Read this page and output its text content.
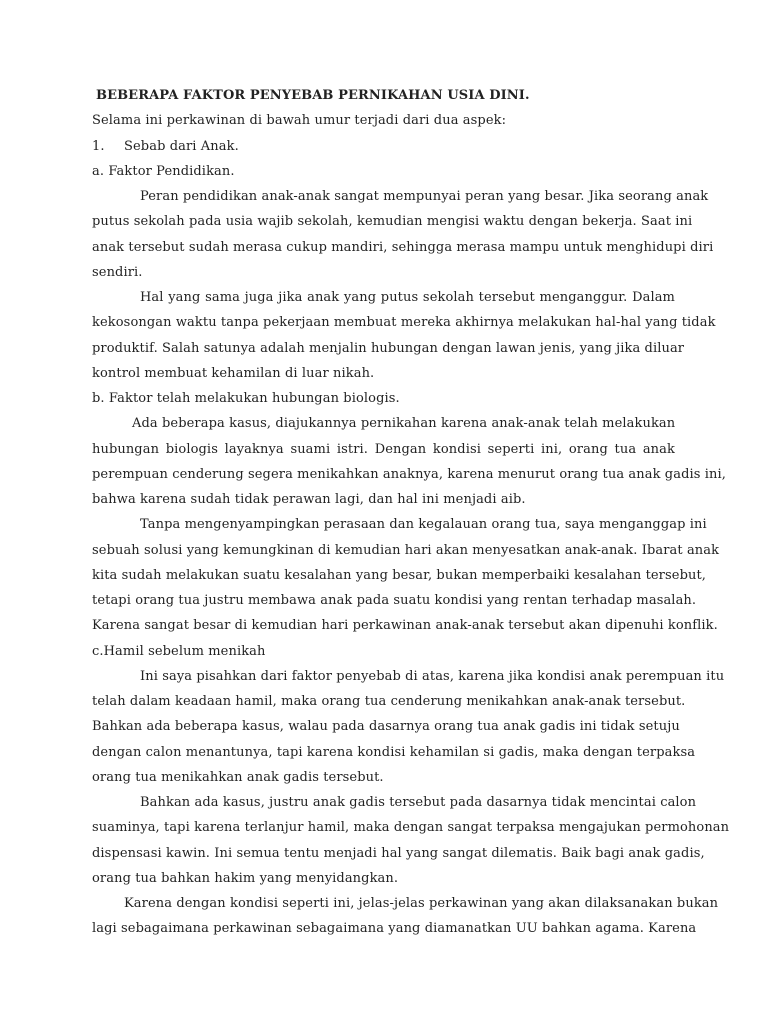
BEBERAPA FAKTOR PENYEBAB PERNIKAHAN USIA DINI.
Selama ini perkawinan di bawah umur terjadi dari dua aspek:
1. Sebab dari Anak.
a. Faktor Pendidikan.
Peran pendidikan anak-anak sangat mempunyai peran yang besar. Jika seorang anak
putus sekolah pada usia wajib sekolah, kemudian mengisi waktu dengan bekerja. Saat ini
anak tersebut sudah merasa cukup mandiri, sehingga merasa mampu untuk menghidupi diri
sendiri.
Hal yang sama juga jika anak yang putus sekolah tersebut menganggur. Dalam
kekosongan waktu tanpa pekerjaan membuat mereka akhirnya melakukan hal-hal yang tidak
produktif. Salah satunya adalah menjalin hubungan dengan lawan jenis, yang jika diluar
kontrol membuat kehamilan di luar nikah.
b. Faktor telah melakukan hubungan biologis.
Ada beberapa kasus, diajukannya pernikahan karena anak-anak telah melakukan
hubungan biologis layaknya suami istri. Dengan kondisi seperti ini, orang tua anak
perempuan cenderung segera menikahkan anaknya, karena menurut orang tua anak gadis ini,
bahwa karena sudah tidak perawan lagi, dan hal ini menjadi aib.
Tanpa mengenyampingkan perasaan dan kegalauan orang tua, saya menganggap ini
sebuah solusi yang kemungkinan di kemudian hari akan menyesatkan anak-anak. Ibarat anak
kita sudah melakukan suatu kesalahan yang besar, bukan memperbaiki kesalahan tersebut,
tetapi orang tua justru membawa anak pada suatu kondisi yang rentan terhadap masalah.
Karena sangat besar di kemudian hari perkawinan anak-anak tersebut akan dipenuhi konflik.
c.Hamil sebelum menikah
Ini saya pisahkan dari faktor penyebab di atas, karena jika kondisi anak perempuan itu
telah dalam keadaan hamil, maka orang tua cenderung menikahkan anak-anak tersebut.
Bahkan ada beberapa kasus, walau pada dasarnya orang tua anak gadis ini tidak setuju
dengan calon menantunya, tapi karena kondisi kehamilan si gadis, maka dengan terpaksa
orang tua menikahkan anak gadis tersebut.
Bahkan ada kasus, justru anak gadis tersebut pada dasarnya tidak mencintai calon
suaminya, tapi karena terlanjur hamil, maka dengan sangat terpaksa mengajukan permohonan
dispensasi kawin. Ini semua tentu menjadi hal yang sangat dilematis. Baik bagi anak gadis,
orang tua bahkan hakim yang menyidangkan.
Karena dengan kondisi seperti ini, jelas-jelas perkawinan yang akan dilaksanakan bukan
lagi sebagaimana perkawinan sebagaimana yang diamanatkan UU bahkan agama. Karena
